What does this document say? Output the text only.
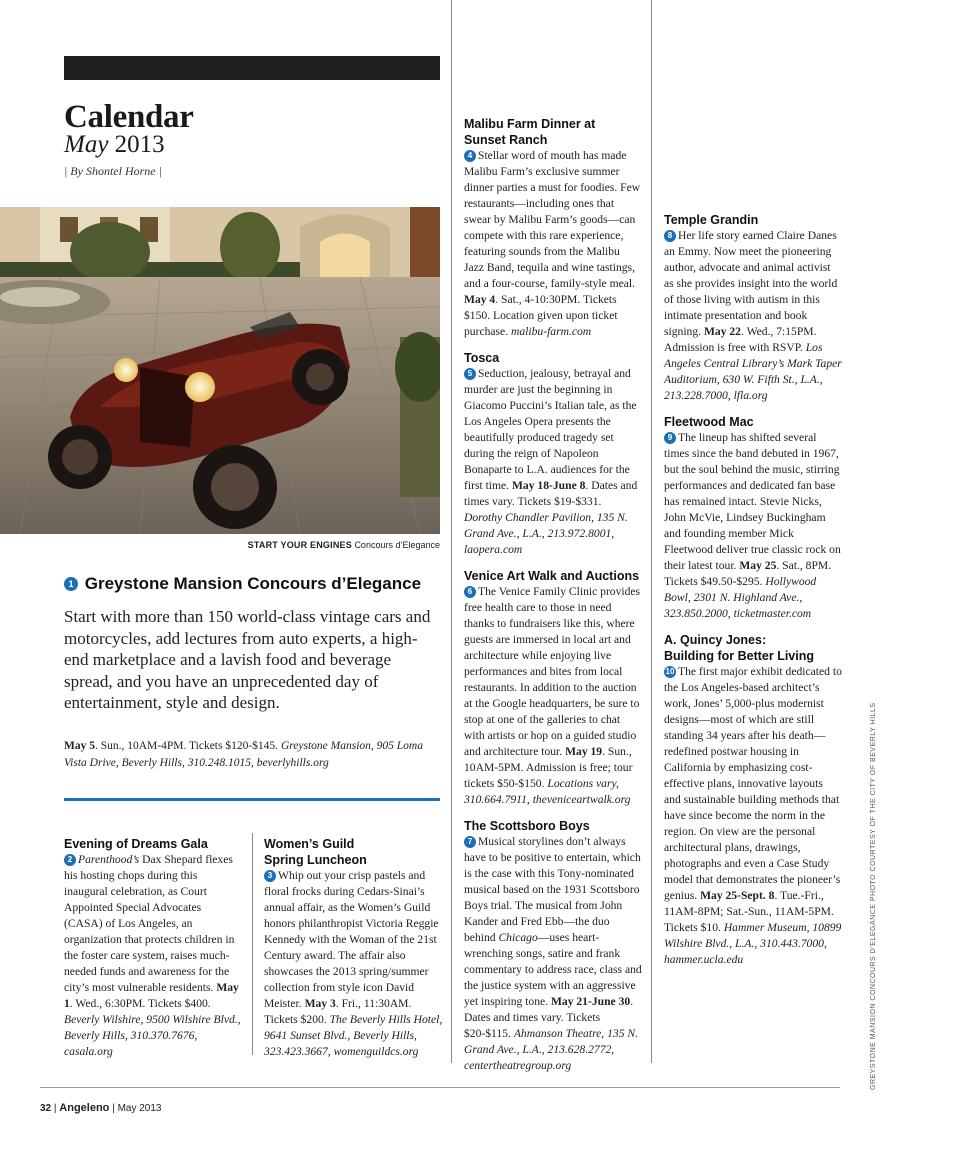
Calendar
May 2013
| By Shontel Horne |
START YOUR ENGINES Concours d’Elegance
1 Greystone Mansion Concours d’Elegance
Start with more than 150 world-class vintage cars and motorcycles, add lectures from auto experts, a high-end marketplace and a lavish food and beverage spread, and you have an unprecedented day of entertainment, style and design.
May 5. Sun., 10AM-4PM. Tickets $120-$145. Greystone Mansion, 905 Loma Vista Drive, Beverly Hills, 310.248.1015, beverlyhills.org
Evening of Dreams Gala

2 Parenthood’s Dax Shepard flexes his hosting chops during this inaugural celebration, as Court Appointed Special Advocates (CASA) of Los Angeles, an organization that protects children in the foster care system, raises much-needed funds and awareness for the city’s most vulnerable residents. May 1. Wed., 6:30PM. Tickets $400. Beverly Wilshire, 9500 Wilshire Blvd., Beverly Hills, 310.370.7676, casala.org

Women’s Guild
Spring Luncheon

3 Whip out your crisp pastels and floral frocks during Cedars-Sinai’s annual affair, as the Women’s Guild honors philanthropist Victoria Reggie Kennedy with the Woman of the 21st Century award. The affair also showcases the 2013 spring/summer collection from style icon David Meister. May 3. Fri., 11:30AM. Tickets $200. The Beverly Hills Hotel, 9641 Sunset Blvd., Beverly Hills, 323.423.3667, womenguildcs.org

Malibu Farm Dinner at
Sunset Ranch

4 Stellar word of mouth has made Malibu Farm’s exclusive summer dinner parties a must for foodies. Few restaurants—including ones that swear by Malibu Farm’s goods—can compete with this rare experience, featuring sounds from the Malibu Jazz Band, tequila and wine tastings, and a four-course, family-style meal. May 4. Sat., 4-10:30PM. Tickets $150. Location given upon ticket purchase. malibu-farm.com

Tosca

5 Seduction, jealousy, betrayal and murder are just the beginning in Giacomo Puccini’s Italian tale, as the Los Angeles Opera presents the beautifully produced tragedy set during the reign of Napoleon Bonaparte to L.A. audiences for the first time. May 18-June 8. Dates and times vary. Tickets $19-$331. Dorothy Chandler Pavilion, 135 N. Grand Ave., L.A., 213.972.8001, laopera.com

Venice Art Walk and Auctions

6 The Venice Family Clinic provides free health care to those in need thanks to fundraisers like this, where guests are immersed in local art and architecture while enjoying live performances and bites from local restaurants. In addition to the auction at the Google headquarters, be sure to stop at one of the galleries to chat with artists or hop on a guided studio and architecture tour. May 19. Sun., 10AM-5PM. Admission is free; tour tickets $50-$150. Locations vary, 310.664.7911, theveniceartwalk.org

The Scottsboro Boys

7 Musical storylines don’t always have to be positive to entertain, which is the case with this Tony-nominated musical based on the 1931 Scottsboro Boys trial. The musical from John Kander and Fred Ebb—the duo behind Chicago—uses heart-wrenching songs, satire and frank commentary to address race, class and the justice system with an aggressive yet inspiring tone. May 21-June 30. Dates and times vary. Tickets $20-$115. Ahmanson Theatre, 135 N. Grand Ave., L.A., 213.628.2772, centertheatregroup.org

Temple Grandin

8 Her life story earned Claire Danes an Emmy. Now meet the pioneering author, advocate and animal activist as she provides insight into the world of those living with autism in this intimate presentation and book signing. May 22. Wed., 7:15PM. Admission is free with RSVP. Los Angeles Central Library’s Mark Taper Auditorium, 630 W. Fifth St., L.A., 213.228.7000, lfla.org

Fleetwood Mac

9 The lineup has shifted several times since the band debuted in 1967, but the soul behind the music, stirring performances and dedicated fan base has remained intact. Stevie Nicks, John McVie, Lindsey Buckingham and founding member Mick Fleetwood deliver true classic rock on their latest tour. May 25. Sat., 8PM. Tickets $49.50-$295. Hollywood Bowl, 2301 N. Highland Ave., 323.850.2000, ticketmaster.com

A. Quincy Jones:
Building for Better Living

10 The first major exhibit dedicated to the Los Angeles-based architect’s work, Jones’ 5,000-plus modernist designs—most of which are still standing 34 years after his death—redefined postwar housing in California by emphasizing cost-effective plans, innovative layouts and sustainable building methods that have since become the norm in the region. On view are the personal architectural plans, drawings, photographs and even a Case Study model that demonstrates the pioneer’s genius. May 25-Sept. 8. Tue.-Fri., 11AM-8PM; Sat.-Sun., 11AM-5PM. Tickets $10. Hammer Museum, 10899 Wilshire Blvd., L.A., 310.443.7000, hammer.ucla.edu

32 | Angeleno | May 2013
GREYSTONE MANSION CONCOURS D’ELEGANCE PHOTO COURTESY OF THE CITY OF BEVERLY HILLS
